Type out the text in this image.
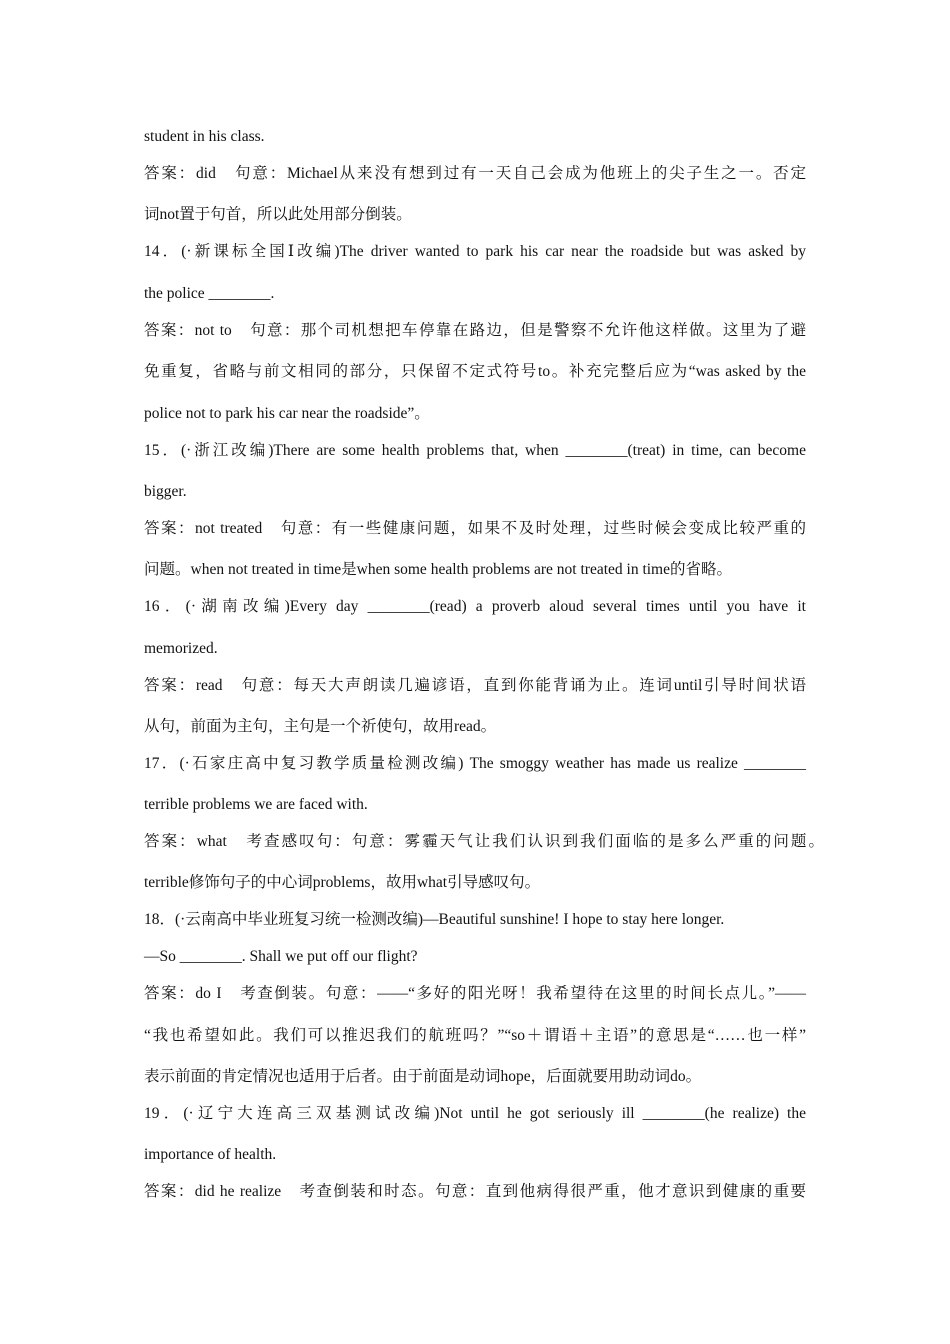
student in his class.
答案：did　句意：Michael从来没有想到过有一天自己会成为他班上的尖子生之一。否定
词not置于句首，所以此处用部分倒装。
14．(·新课标全国Ⅰ改编)The driver wanted to park his car near the roadside but was asked by
the police ________.
答案：not to　句意：那个司机想把车停靠在路边，但是警察不允许他这样做。这里为了避
免重复，省略与前文相同的部分，只保留不定式符号to。补充完整后应为“was asked by the
police not to park his car near the roadside”。
15．(·浙江改编)There are some health problems that, when ________(treat) in time, can become
bigger.
答案：not treated　句意：有一些健康问题，如果不及时处理，过些时候会变成比较严重的
问题。when not treated in time是when some health problems are not treated in time的省略。
16．(·湖南改编)Every day ________(read) a proverb aloud several times until you have it
memorized.
答案：read　句意：每天大声朗读几遍谚语，直到你能背诵为止。连词until引导时间状语
从句，前面为主句，主句是一个祈使句，故用read。
17．(·石家庄高中复习教学质量检测改编) The smoggy weather has made us realize ________
terrible problems we are faced with.
答案：what　考查感叹句：句意：雾霾天气让我们认识到我们面临的是多么严重的问题。
terrible修饰句子的中心词problems，故用what引导感叹句。
18．(·云南高中毕业班复习统一检测改编)—Beautiful sunshine! I hope to stay here longer.
—So ________. Shall we put off our flight?
答案：do I　考查倒装。句意：——“多好的阳光呀！我希望待在这里的时间长点儿。”——
“我也希望如此。我们可以推迟我们的航班吗？”“so＋谓语＋主语”的意思是“……也一样”
表示前面的肯定情况也适用于后者。由于前面是动词hope，后面就要用助动词do。
19．(·辽宁大连高三双基测试改编)Not until he got seriously ill ________(he realize) the
importance of health.
答案：did he realize　考查倒装和时态。句意：直到他病得很严重，他才意识到健康的重要
